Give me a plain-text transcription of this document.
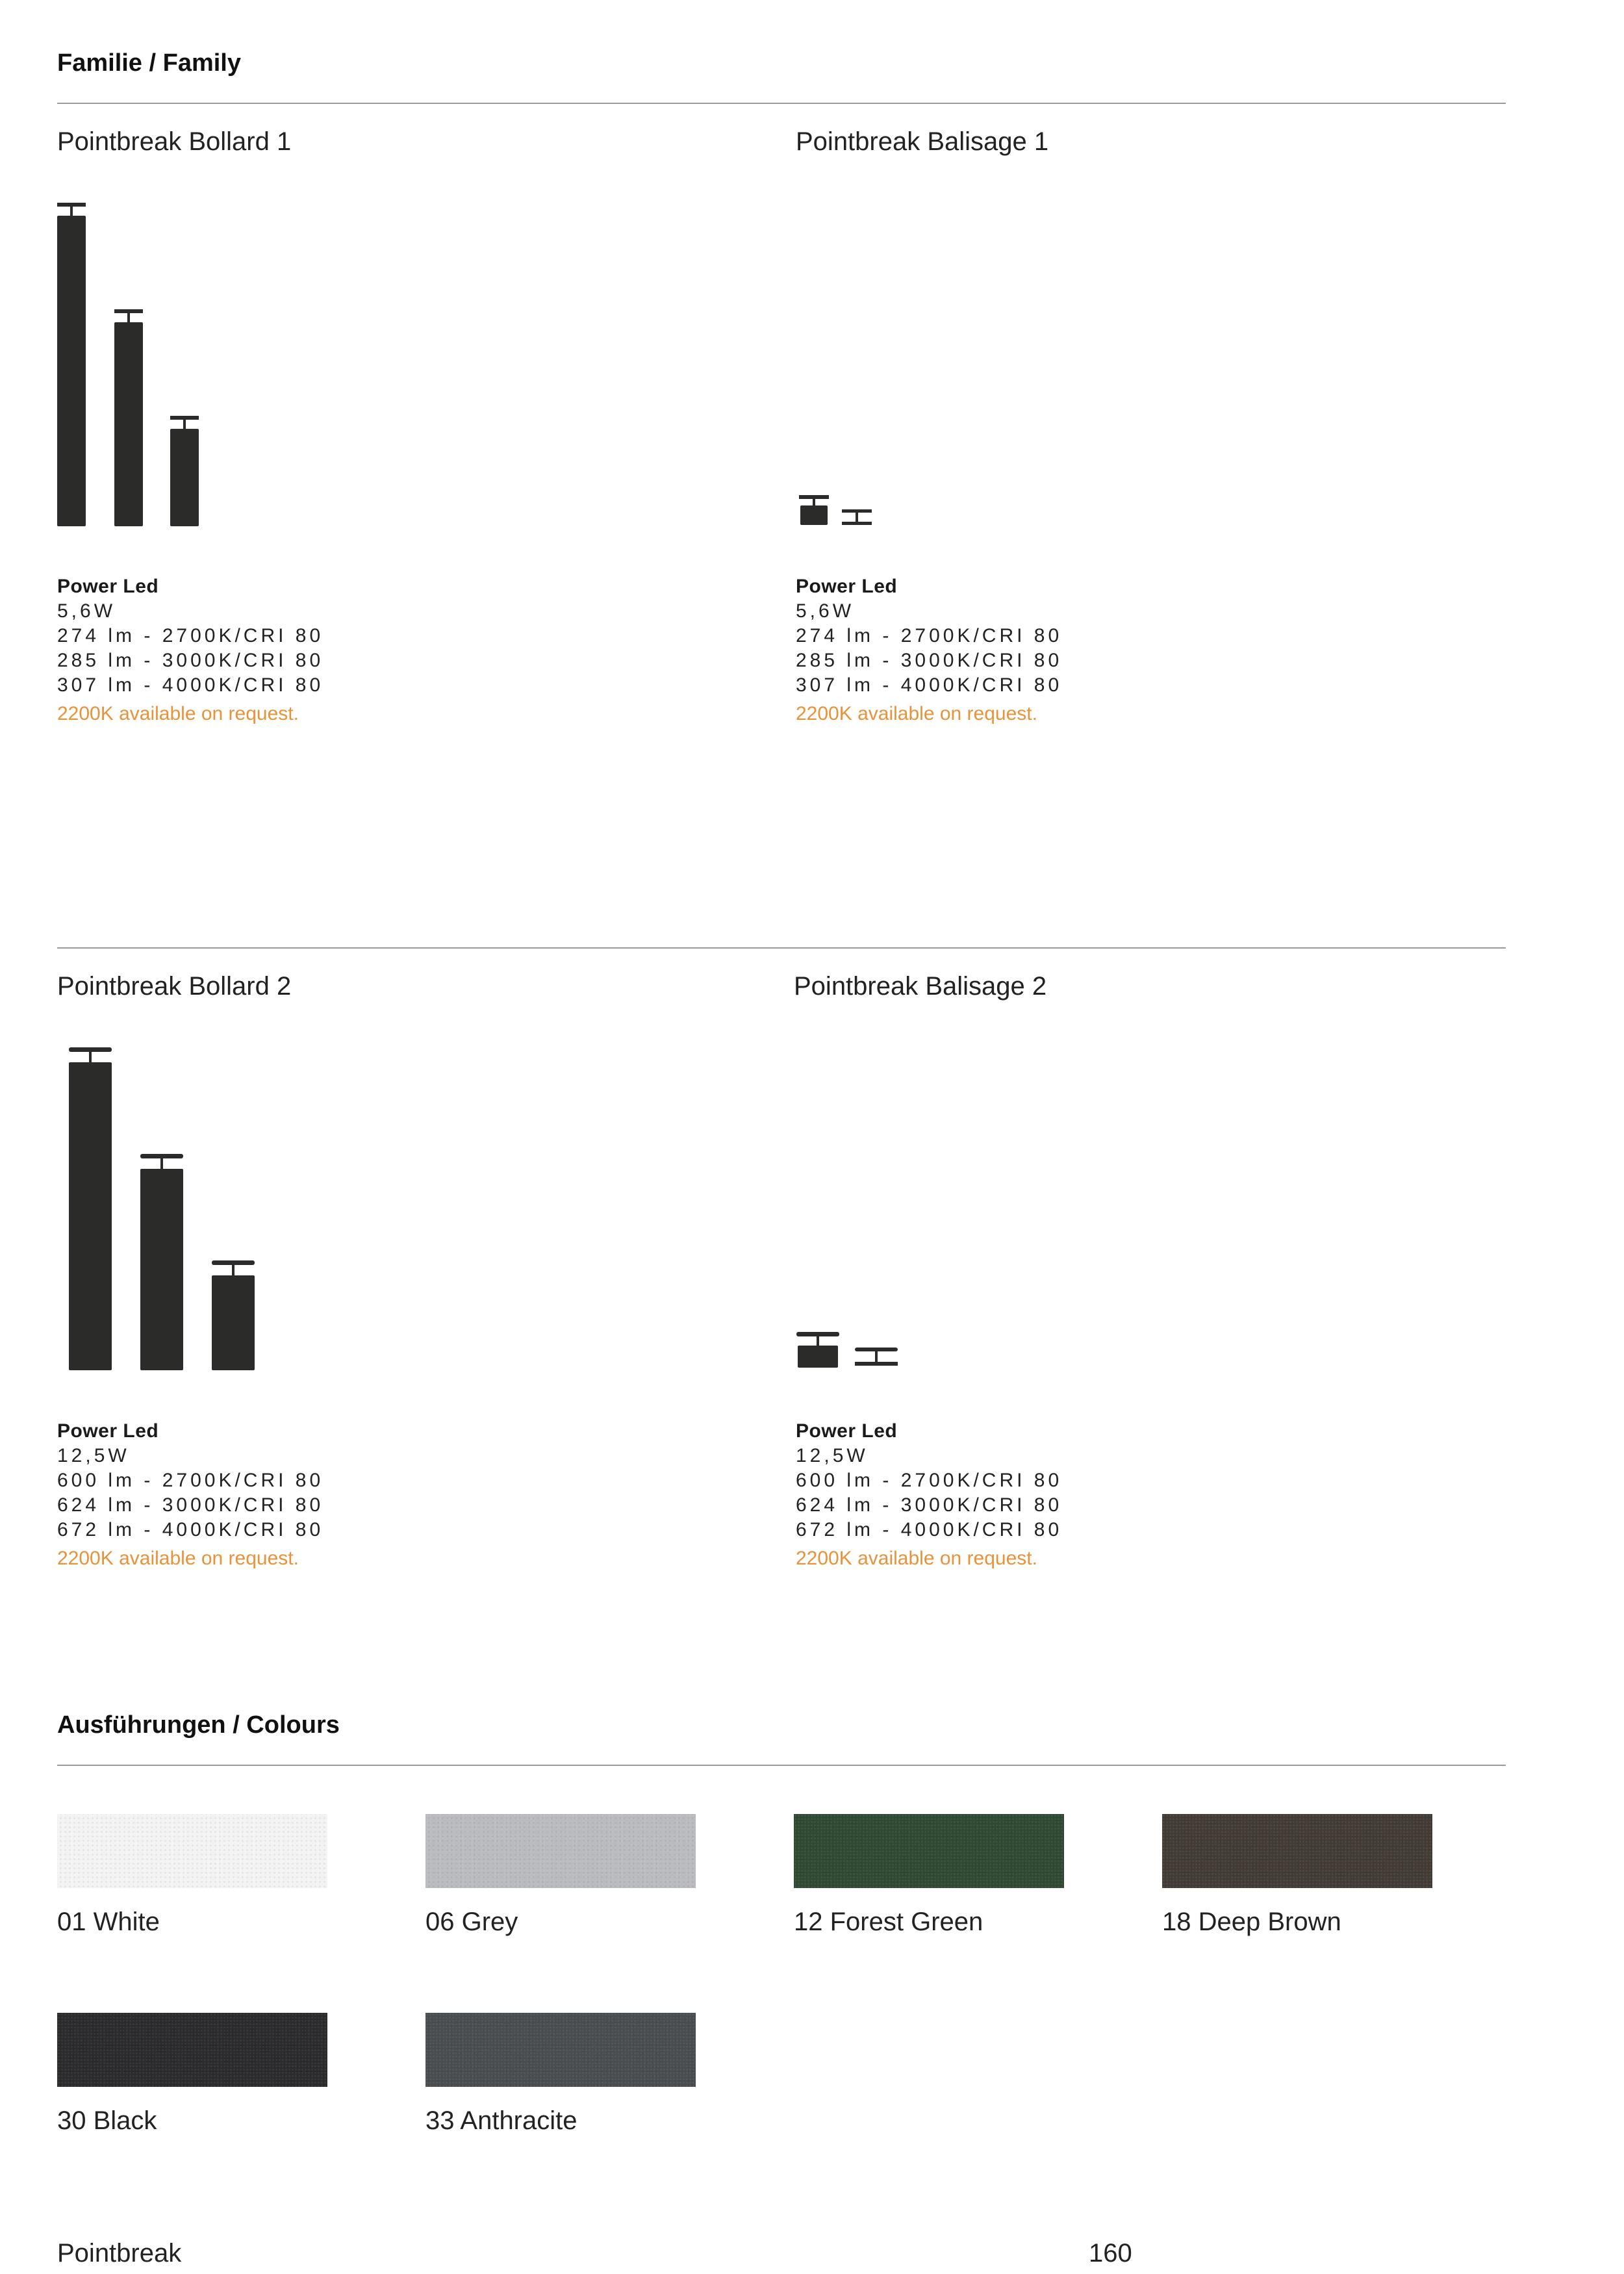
Familie / Family
Pointbreak Bollard 1
Power Led
5,6W
274 lm - 2700K/CRI 80
285 lm - 3000K/CRI 80
307 lm - 4000K/CRI 80
2200K available on request.
Pointbreak Balisage 1
Power Led
5,6W
274 lm - 2700K/CRI 80
285 lm - 3000K/CRI 80
307 lm - 4000K/CRI 80
2200K available on request.
Pointbreak Bollard 2
Power Led
12,5W
600 lm - 2700K/CRI 80
624 lm - 3000K/CRI 80
672 lm - 4000K/CRI 80
2200K available on request.
Pointbreak Balisage 2
Power Led
12,5W
600 lm - 2700K/CRI 80
624 lm - 3000K/CRI 80
672 lm - 4000K/CRI 80
2200K available on request.
Ausführungen / Colours
01 White	06 Grey	12 Forest Green	18 Deep Brown
30 Black	33 Anthracite
Pointbreak	160
